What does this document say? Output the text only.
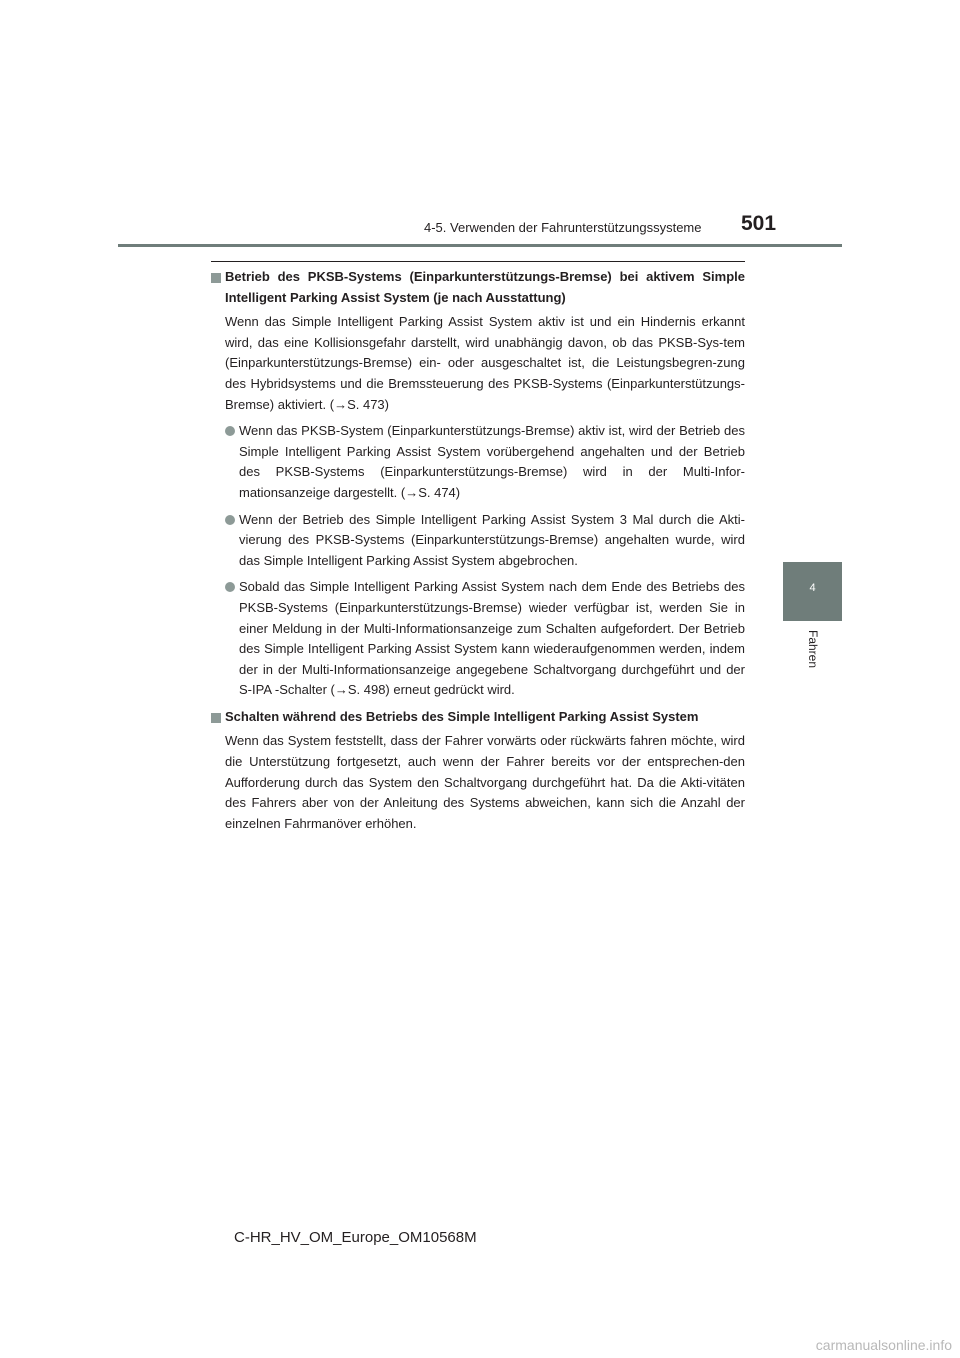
4-5. Verwenden der Fahrunterstützungssysteme 501
4
Fahren

Betrieb des PKSB-Systems (Einparkunterstützungs-Bremse) bei aktivem Simple Intelligent Parking Assist System (je nach Ausstattung)

Wenn das Simple Intelligent Parking Assist System aktiv ist und ein Hindernis erkannt wird, das eine Kollisionsgefahr darstellt, wird unabhängig davon, ob das PKSB-Sys-tem (Einparkunterstützungs-Bremse) ein- oder ausgeschaltet ist, die Leistungsbegren-zung des Hybridsystems und die Bremssteuerung des PKSB-Systems (Einparkunterstützungs-Bremse) aktiviert. (→S. 473)

Wenn das PKSB-System (Einparkunterstützungs-Bremse) aktiv ist, wird der Betrieb des Simple Intelligent Parking Assist System vorübergehend angehalten und der Betrieb des PKSB-Systems (Einparkunterstützungs-Bremse) wird in der Multi-Infor-mationsanzeige dargestellt. (→S. 474)
Wenn der Betrieb des Simple Intelligent Parking Assist System 3 Mal durch die Akti-vierung des PKSB-Systems (Einparkunterstützungs-Bremse) angehalten wurde, wird das Simple Intelligent Parking Assist System abgebrochen.
Sobald das Simple Intelligent Parking Assist System nach dem Ende des Betriebs des PKSB-Systems (Einparkunterstützungs-Bremse) wieder verfügbar ist, werden Sie in einer Meldung in der Multi-Informationsanzeige zum Schalten aufgefordert. Der Betrieb des Simple Intelligent Parking Assist System kann wiederaufgenommen werden, indem der in der Multi-Informationsanzeige angegebene Schaltvorgang durchgeführt und der S-IPA -Schalter (→S. 498) erneut gedrückt wird.

Schalten während des Betriebs des Simple Intelligent Parking Assist System

Wenn das System feststellt, dass der Fahrer vorwärts oder rückwärts fahren möchte, wird die Unterstützung fortgesetzt, auch wenn der Fahrer bereits vor der entsprechen-den Aufforderung durch das System den Schaltvorgang durchgeführt hat. Da die Akti-vitäten des Fahrers aber von der Anleitung des Systems abweichen, kann sich die Anzahl der einzelnen Fahrmanöver erhöhen.

C-HR_HV_OM_Europe_OM10568M
carmanualsonline.info
